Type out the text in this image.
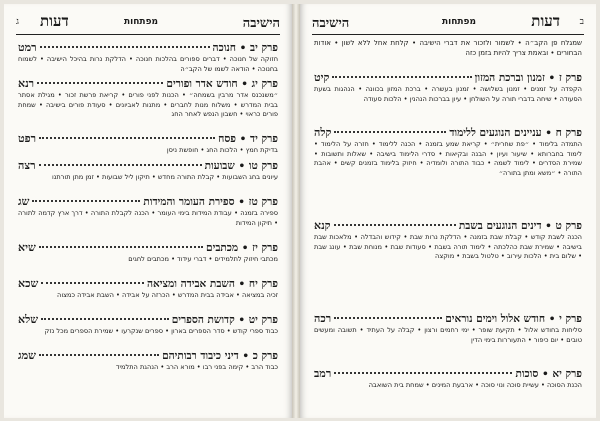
ג דעות	מפתחות	הישיבה
פרק יב • חנוכה
רמט
חזוקה של חנוכה • דברים ספורים בהלכות חנוכה • הדלקת נרות בהיכל הישיבה • לשמוח בחנוכה • הודאה לשמו של הקב״ה
פרק יג • חודש אדר ופורים
רנא
״משנכנס אדר מרבין בשמחה״ • הכנות לפני פורים • קריאת פרשת זכור • מגילת אסתר בבית המדרש • משלוח מנות לחברים • מתנות לאביונים • סעודת פורים בישיבה • שמחת פורים כראוי • חשבון הנפש לאחר החג
פרק יד • פסח
רפט
בדיקת חמץ • הלכות החג • חופשת ניסן
פרק טו • שבועות
רצה
עיונים בחג השבועות • קבלת התורה מחדש • תיקון ליל שבועות • זמן מתן תורתנו
פרק טז • ספירת העומר והמידות
שג
ספירה בזמנה • עבודת המידות בימי העומר • הכנה לקבלת התורה • דרך ארץ קדמה לתורה • תיקון המידות
פרק יז • מכתבים
שיא
מכתבי חיזוק לתלמידים • דברי עידוד • מכתבים לחגים
פרק יח • השבת אבידה ומציאה
שכא
זכיה במציאה • אבידה בבית המדרש • הכרזה על אבידה • השבת אבידה כמצוה
פרק יט • קדושת הספרים
שלא
כבוד ספרי קודש • סדר הספרים בארון • ספרים שנקרעו • שמירת הספרים מכל נזק
פרק כ • דיני כיבוד רבותיהם
שמג
כבוד הרב • קימה בפני רבו • מורא הרב • הנהגת התלמיד
ב
דעות
מפתחות
הישיבה
שמגלח פן הקב״ה • לשמור ולזכור את דברי הישיבה • קלחת אחל ללא לשון • אודות הבחורים • ובאמת צריך להיות בזמן כזה
פרק ז • זמנון וברכת המזון
קיט
הקפדה על זמנים • זמנון בשלושה • זמנון בעשרה • ברכת המזון בכוונה • הנהגות בשעת הסעודה • שיחה בדברי תורה על השולחן • עיון בברכות הנהנין • הלכות סעודה
פרק ח • עניינים הנוגעים ללימוד
קלה
התמדה בלימוד • ״פת שחרית״ • קריאת שמע בזמנה • הכנה ללימוד • חזרה על הלימוד • לימוד בחברותא • שיעור ועיון • הבנה ובקיאות • סדרי הלימוד בישיבה • שאלות ותשובות • שמירת הסדרים • לימוד לשמה • כבוד התורה ולומדיה • חיזוק בלימוד בזמנים קשים • אהבת התורה • ״משא ומתן בתורה״
פרק ט • דינים הנוגעים בשבת
קנא
הכנה לשבת קודש • קבלת שבת בזמנה • הדלקת נרות שבת • קידוש והבדלה • מלאכות שבת בישיבה • שמירת שבת כהלכתה • לימוד תורה בשבת • סעודות שבת • מנוחת שבת • עונג שבת • שלום בית • הלכות עירוב • טלטול בשבת • מוקצה
פרק י • חודש אלול וימים נוראים
רכה
סליחות בחודש אלול • תקיעת שופר • ימי רחמים ורצון • קבלה על העתיד • תשובה ומעשים טובים • יום כיפור • התעוררות בימי הדין
פרק יא • סוכות
רמב
הכנת הסוכה • עשיית סוכה ונוי סוכה • ארבעת המינים • שמחת בית השואבה
